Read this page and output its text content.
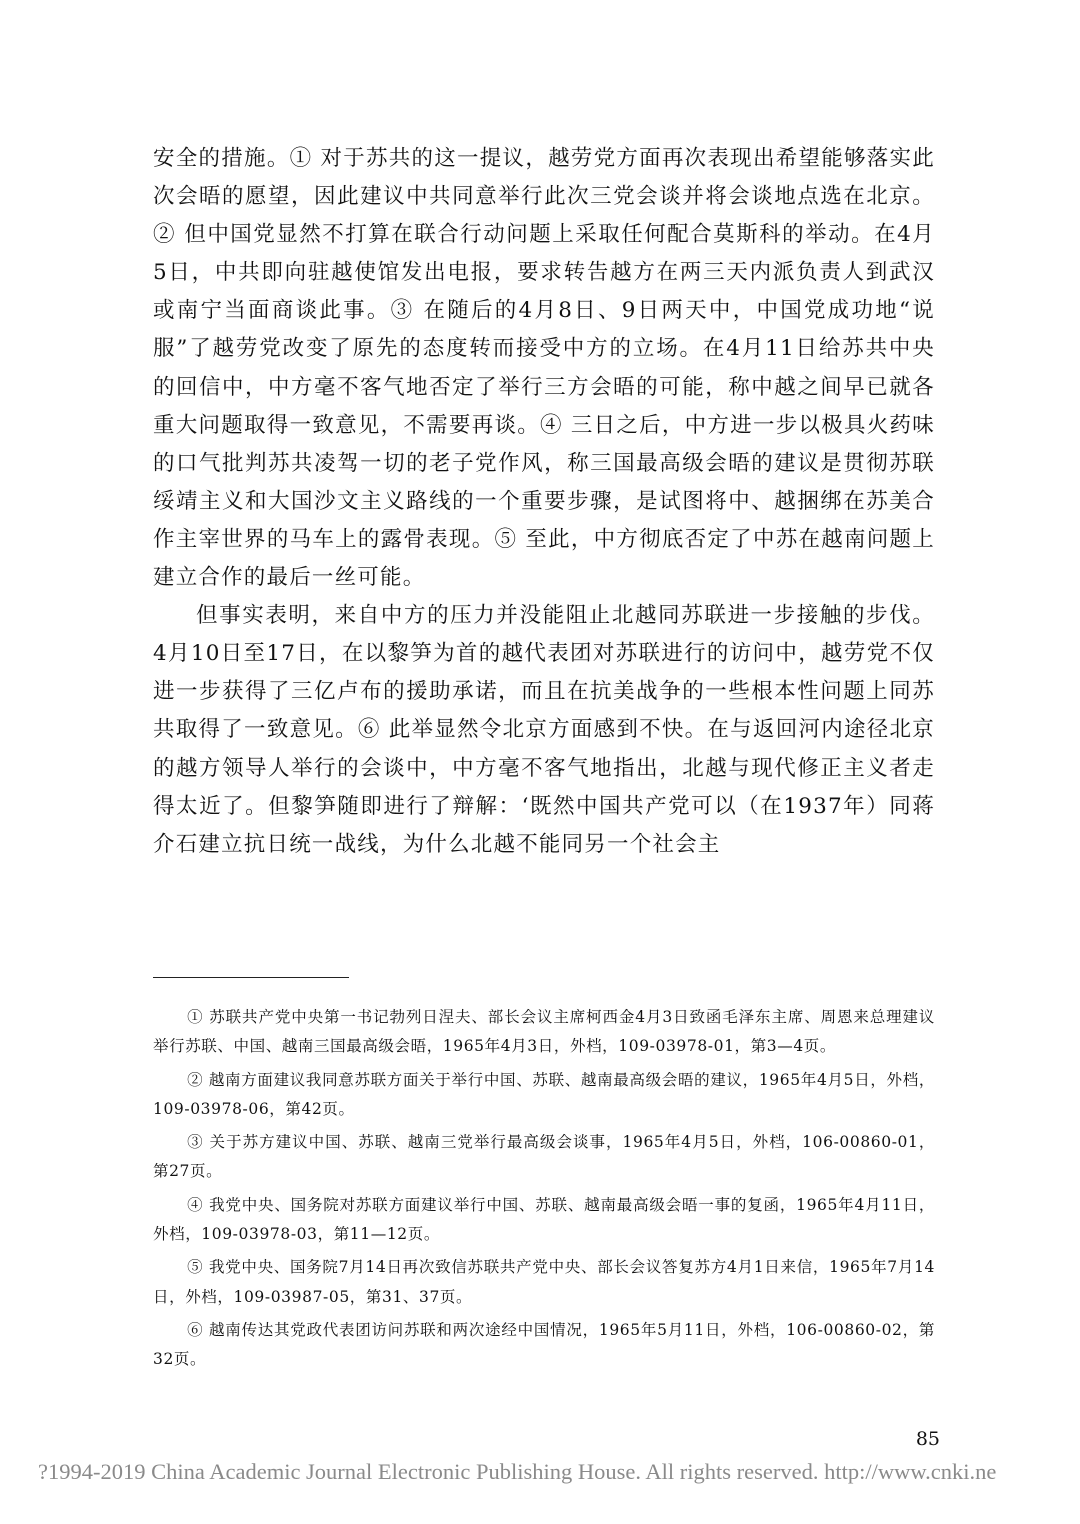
安全的措施。① 对于苏共的这一提议，越劳党方面再次表现出希望能够落实此次会晤的愿望，因此建议中共同意举行此次三党会谈并将会谈地点选在北京。② 但中国党显然不打算在联合行动问题上采取任何配合莫斯科的举动。在4月5日，中共即向驻越使馆发出电报，要求转告越方在两三天内派负责人到武汉或南宁当面商谈此事。③ 在随后的4月8日、9日两天中，中国党成功地“说服”了越劳党改变了原先的态度转而接受中方的立场。在4月11日给苏共中央的回信中，中方毫不客气地否定了举行三方会晤的可能，称中越之间早已就各重大问题取得一致意见，不需要再谈。④ 三日之后，中方进一步以极具火药味的口气批判苏共凌驾一切的老子党作风，称三国最高级会晤的建议是贯彻苏联绥靖主义和大国沙文主义路线的一个重要步骤，是试图将中、越捆绑在苏美合作主宰世界的马车上的露骨表现。⑤ 至此，中方彻底否定了中苏在越南问题上建立合作的最后一丝可能。

但事实表明，来自中方的压力并没能阻止北越同苏联进一步接触的步伐。4月10日至17日，在以黎笋为首的越代表团对苏联进行的访问中，越劳党不仅进一步获得了三亿卢布的援助承诺，而且在抗美战争的一些根本性问题上同苏共取得了一致意见。⑥ 此举显然令北京方面感到不快。在与返回河内途径北京的越方领导人举行的会谈中，中方毫不客气地指出，北越与现代修正主义者走得太近了。但黎笋随即进行了辩解：‘既然中国共产党可以（在1937年）同蒋介石建立抗日统一战线，为什么北越不能同另一个社会主

① 苏联共产党中央第一书记勃列日涅夫、部长会议主席柯西金4月3日致函毛泽东主席、周恩来总理建议举行苏联、中国、越南三国最高级会晤，1965年4月3日，外档，109-03978-01，第3—4页。

② 越南方面建议我同意苏联方面关于举行中国、苏联、越南最高级会晤的建议，1965年4月5日，外档，109-03978-06，第42页。

③ 关于苏方建议中国、苏联、越南三党举行最高级会谈事，1965年4月5日，外档，106-00860-01，第27页。

④ 我党中央、国务院对苏联方面建议举行中国、苏联、越南最高级会晤一事的复函，1965年4月11日，外档，109-03978-03，第11—12页。

⑤ 我党中央、国务院7月14日再次致信苏联共产党中央、部长会议答复苏方4月1日来信，1965年7月14日，外档，109-03987-05，第31、37页。

⑥ 越南传达其党政代表团访问苏联和两次途经中国情况，1965年5月11日，外档，106-00860-02，第32页。

85
?1994-2019 China Academic Journal Electronic Publishing House. All rights reserved. http://www.cnki.ne
